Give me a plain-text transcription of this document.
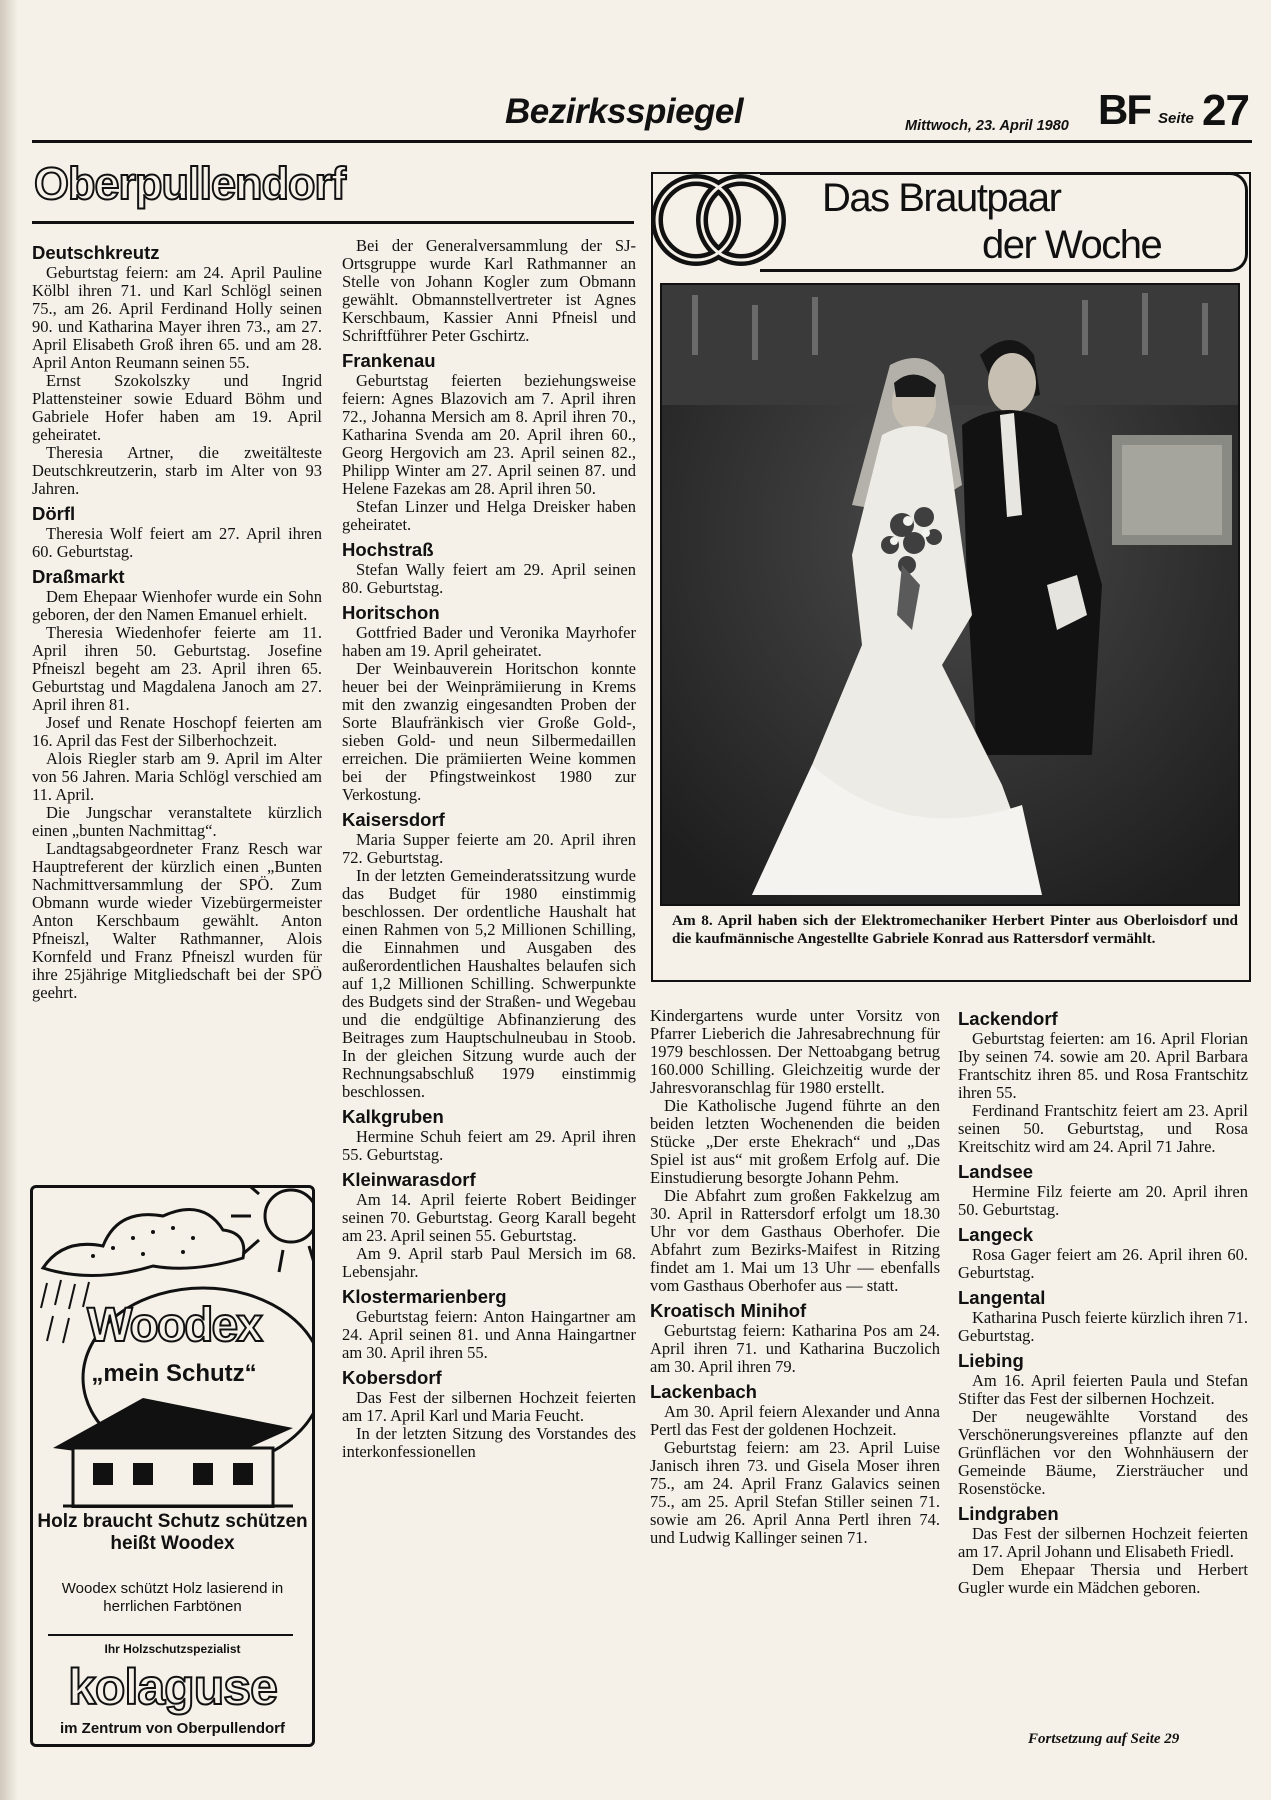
Bezirksspiegel	Mittwoch, 23. April 1980 BF Seite 27
Oberpullendorf
Deutschkreutz

Geburtstag feiern: am 24. April Pauline Kölbl ihren 71. und Karl Schlögl seinen 75., am 26. April Ferdinand Holly seinen 90. und Katharina Mayer ihren 73., am 27. April Elisabeth Groß ihren 65. und am 28. April Anton Reumann seinen 55.

Ernst Szokolszky und Ingrid Plattensteiner sowie Eduard Böhm und Gabriele Hofer haben am 19. April geheiratet.

Theresia Artner, die zweitälteste Deutschkreutzerin, starb im Alter von 93 Jahren.

Dörfl

Theresia Wolf feiert am 27. April ihren 60. Geburtstag.

Draßmarkt

Dem Ehepaar Wienhofer wurde ein Sohn geboren, der den Namen Emanuel erhielt.

Theresia Wiedenhofer feierte am 11. April ihren 50. Geburtstag. Josefine Pfneiszl begeht am 23. April ihren 65. Geburtstag und Magdalena Janoch am 27. April ihren 81.

Josef und Renate Hoschopf feierten am 16. April das Fest der Silberhochzeit.

Alois Riegler starb am 9. April im Alter von 56 Jahren. Maria Schlögl verschied am 11. April.

Die Jungschar veranstaltete kürzlich einen „bunten Nachmittag“.

Landtagsabgeordneter Franz Resch war Hauptreferent der kürzlich einen „Bunten Nachmittversammlung der SPÖ. Zum Obmann wurde wieder Vizebürgermeister Anton Kerschbaum gewählt. Anton Pfneiszl, Walter Rathmanner, Alois Kornfeld und Franz Pfneiszl wurden für ihre 25jährige Mitgliedschaft bei der SPÖ geehrt.

Bei der Generalversammlung der SJ-Ortsgruppe wurde Karl Rathmanner an Stelle von Johann Kogler zum Obmann gewählt. Obmannstellvertreter ist Agnes Kerschbaum, Kassier Anni Pfneisl und Schriftführer Peter Gschirtz.

Frankenau

Geburtstag feierten beziehungsweise feiern: Agnes Blazovich am 7. April ihren 72., Johanna Mersich am 8. April ihren 70., Katharina Svenda am 20. April ihren 60., Georg Hergovich am 23. April seinen 82., Philipp Winter am 27. April seinen 87. und Helene Fazekas am 28. April ihren 50.

Stefan Linzer und Helga Dreisker haben geheiratet.

Hochstraß

Stefan Wally feiert am 29. April seinen 80. Geburtstag.

Horitschon

Gottfried Bader und Veronika Mayrhofer haben am 19. April geheiratet.

Der Weinbauverein Horitschon konnte heuer bei der Weinprämiierung in Krems mit den zwanzig eingesandten Proben der Sorte Blaufränkisch vier Große Gold-, sieben Gold- und neun Silbermedaillen erreichen. Die prämiierten Weine kommen bei der Pfingstweinkost 1980 zur Verkostung.

Kaisersdorf

Maria Supper feierte am 20. April ihren 72. Geburtstag.

In der letzten Gemeinderatssitzung wurde das Budget für 1980 einstimmig beschlossen. Der ordentliche Haushalt hat einen Rahmen von 5,2 Millionen Schilling, die Einnahmen und Ausgaben des außerordentlichen Haushaltes belaufen sich auf 1,2 Millionen Schilling. Schwerpunkte des Budgets sind der Straßen- und Wegebau und die endgültige Abfinanzierung des Beitrages zum Hauptschulneubau in Stoob. In der gleichen Sitzung wurde auch der Rechnungsabschluß 1979 einstimmig beschlossen.

Kalkgruben

Hermine Schuh feiert am 29. April ihren 55. Geburtstag.

Kleinwarasdorf

Am 14. April feierte Robert Beidinger seinen 70. Geburtstag. Georg Karall begeht am 23. April seinen 55. Geburtstag.

Am 9. April starb Paul Mersich im 68. Lebensjahr.

Klostermarienberg

Geburtstag feiern: Anton Haingartner am 24. April seinen 81. und Anna Haingartner am 30. April ihren 55.

Kobersdorf

Das Fest der silbernen Hochzeit feierten am 17. April Karl und Maria Feucht.

In der letzten Sitzung des Vorstandes des interkonfessionellen

Das Brautpaar
der Woche
Am 8. April haben sich der Elektromechaniker Herbert Pinter aus Oberloisdorf und die kaufmännische Angestellte Gabriele Konrad aus Rattersdorf vermählt.

Kindergartens wurde unter Vorsitz von Pfarrer Lieberich die Jahresabrechnung für 1979 beschlossen. Der Nettoabgang betrug 160.000 Schilling. Gleichzeitig wurde der Jahresvoranschlag für 1980 erstellt.

Die Katholische Jugend führte an den beiden letzten Wochenenden die beiden Stücke „Der erste Ehekrach“ und „Das Spiel ist aus“ mit großem Erfolg auf. Die Einstudierung besorgte Johann Pehm.

Die Abfahrt zum großen Fakkelzug am 30. April in Rattersdorf erfolgt um 18.30 Uhr vor dem Gasthaus Oberhofer. Die Abfahrt zum Bezirks-Maifest in Ritzing findet am 1. Mai um 13 Uhr — ebenfalls vom Gasthaus Oberhofer aus — statt.

Kroatisch Minihof

Geburtstag feiern: Katharina Pos am 24. April ihren 71. und Katharina Buczolich am 30. April ihren 79.

Lackenbach

Am 30. April feiern Alexander und Anna Pertl das Fest der goldenen Hochzeit.

Geburtstag feiern: am 23. April Luise Janisch ihren 73. und Gisela Moser ihren 75., am 24. April Franz Galavics seinen 75., am 25. April Stefan Stiller seinen 71. sowie am 26. April Anna Pertl ihren 74. und Ludwig Kallinger seinen 71.

Lackendorf

Geburtstag feierten: am 16. April Florian Iby seinen 74. sowie am 20. April Barbara Frantschitz ihren 85. und Rosa Frantschitz ihren 55.

Ferdinand Frantschitz feiert am 23. April seinen 50. Geburtstag, und Rosa Kreitschitz wird am 24. April 71 Jahre.

Landsee

Hermine Filz feierte am 20. April ihren 50. Geburtstag.

Langeck

Rosa Gager feiert am 26. April ihren 60. Geburtstag.

Langental

Katharina Pusch feierte kürzlich ihren 71. Geburtstag.

Liebing

Am 16. April feierten Paula und Stefan Stifter das Fest der silbernen Hochzeit.

Der neugewählte Vorstand des Verschönerungsvereines pflanzte auf den Grünflächen vor den Wohnhäusern der Gemeinde Bäume, Ziersträucher und Rosenstöcke.

Lindgraben

Das Fest der silbernen Hochzeit feierten am 17. April Johann und Elisabeth Friedl.

Dem Ehepaar Thersia und Herbert Gugler wurde ein Mädchen geboren.

Fortsetzung auf Seite 29
Woodex
„mein Schutz“
Holz braucht Schutz schützen heißt Woodex
Woodex schützt Holz lasierend in herrlichen Farbtönen
Ihr Holzschutzspezialist
kolaguse
im Zentrum von Oberpullendorf
